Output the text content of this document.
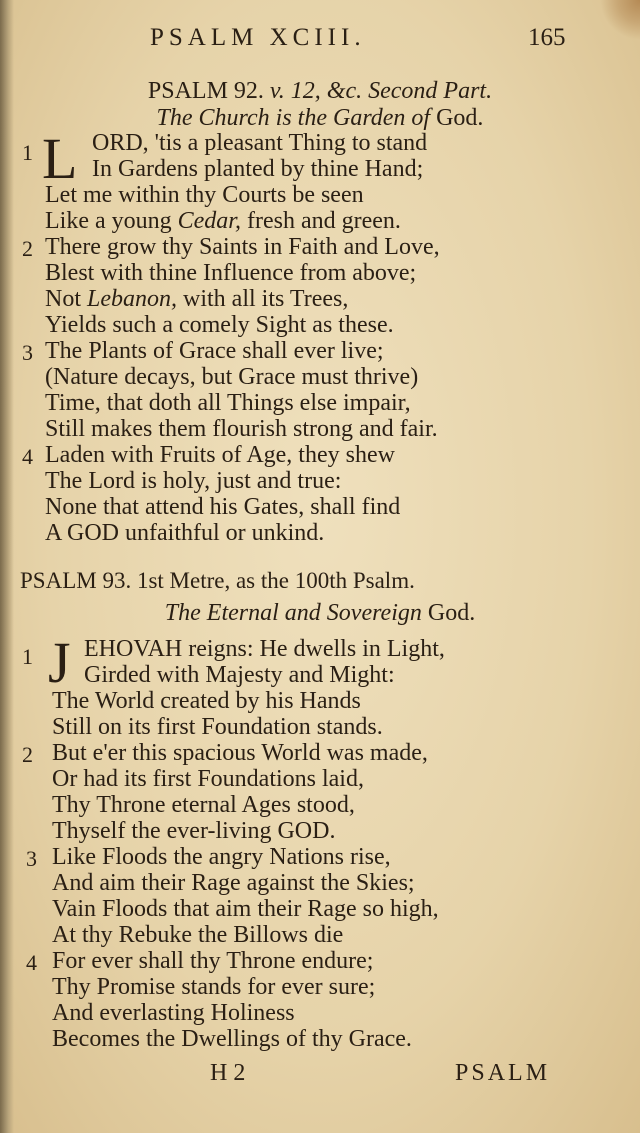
PSALM XCIII.	165
PSALM 92. v. 12, &c. Second Part.
The Church is the Garden of God.
1 L ORD, 'tis a pleasant Thing to stand
In Gardens planted by thine Hand;
Let me within thy Courts be seen
Like a young Cedar, fresh and green.
2 There grow thy Saints in Faith and Love,
Blest with thine Influence from above;
Not Lebanon, with all its Trees,
Yields such a comely Sight as these.
3 The Plants of Grace shall ever live;
(Nature decays, but Grace must thrive)
Time, that doth all Things else impair,
Still makes them flourish strong and fair.
4 Laden with Fruits of Age, they shew
The Lord is holy, just and true:
None that attend his Gates, shall find
A GOD unfaithful or unkind.
PSALM 93. 1st Metre, as the 100th Psalm.
The Eternal and Sovereign God.
1 J EHOVAH reigns: He dwells in Light,
Girded with Majesty and Might:
The World created by his Hands
Still on its first Foundation stands.
2 But e'er this spacious World was made,
Or had its first Foundations laid,
Thy Throne eternal Ages stood,
Thyself the ever-living GOD.
3 Like Floods the angry Nations rise,
And aim their Rage against the Skies;
Vain Floods that aim their Rage so high,
At thy Rebuke the Billows die
4 For ever shall thy Throne endure;
Thy Promise stands for ever sure;
And everlasting Holiness
Becomes the Dwellings of thy Grace.
H 2	PSALM
